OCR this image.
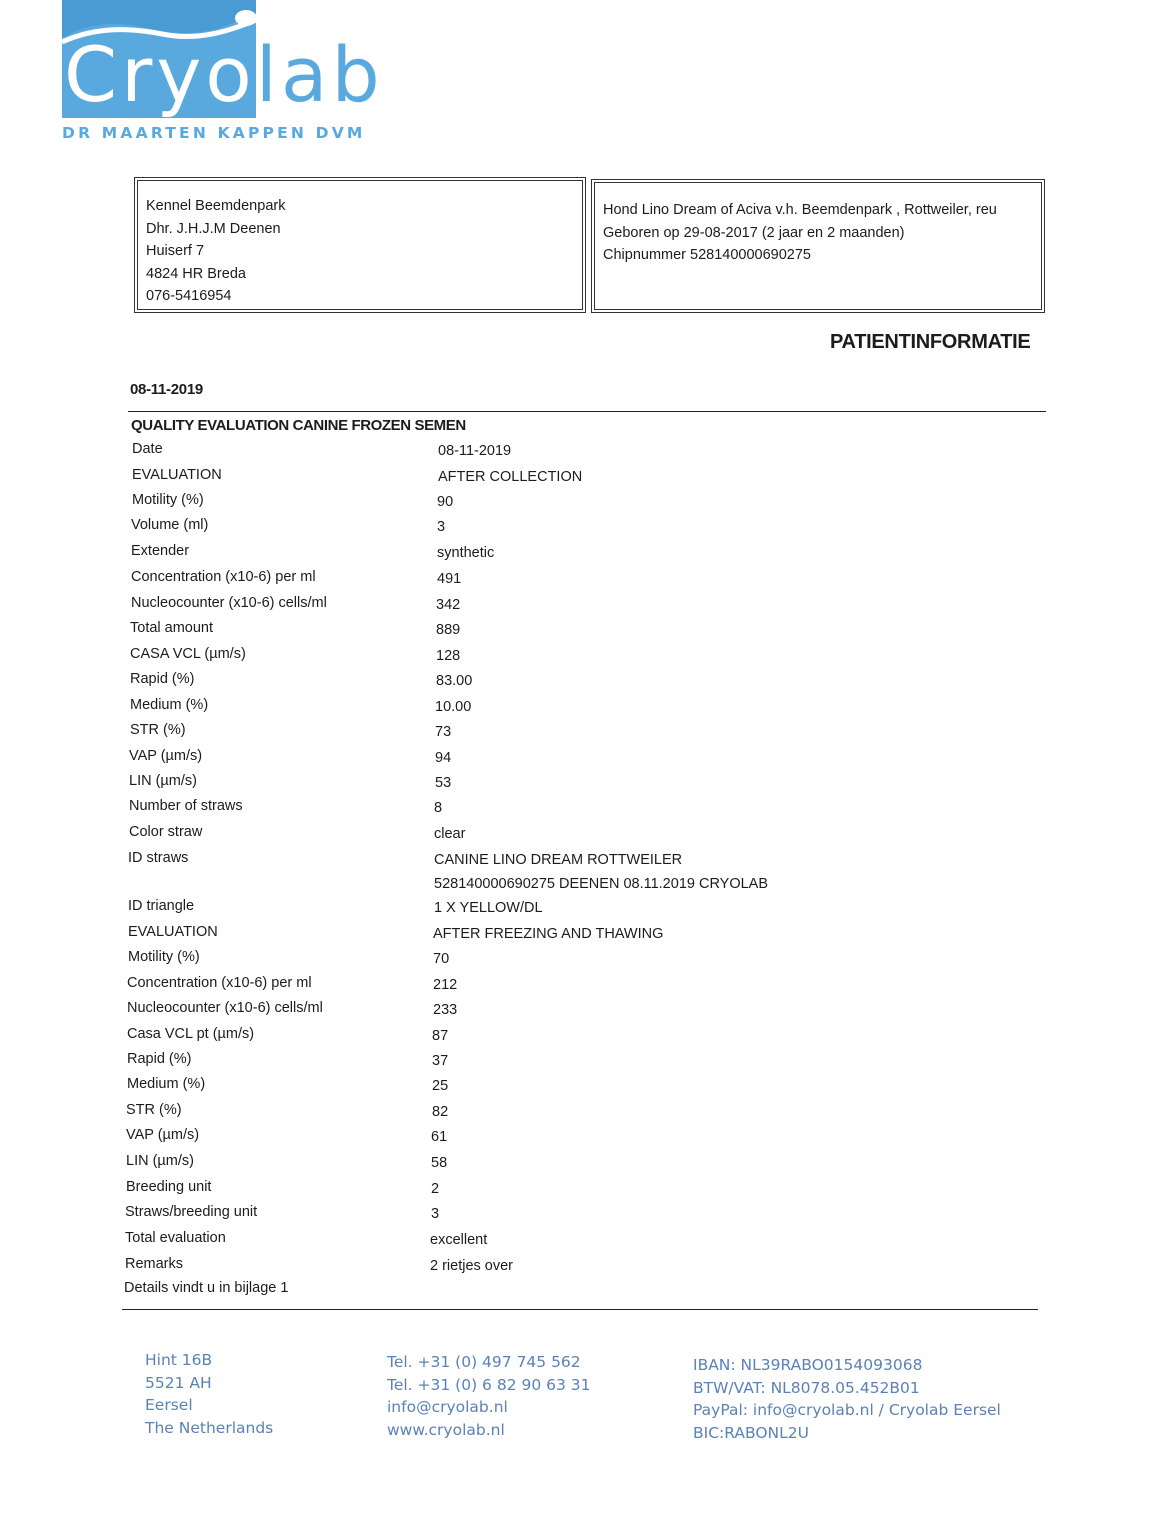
Cryolab
DR MAARTEN KAPPEN DVM
Kennel Beemdenpark
Dhr. J.H.J.M Deenen
Huiserf 7
4824 HR Breda
076-5416954
Hond Lino Dream of Aciva v.h. Beemdenpark , Rottweiler, reu
Geboren op 29-08-2017 (2 jaar en 2 maanden)
Chipnummer 528140000690275
PATIENTINFORMATIE
08-11-2019
QUALITY EVALUATION CANINE FROZEN SEMEN
Date	08-11-2019
EVALUATION	AFTER COLLECTION
Motility (%)	90
Volume (ml)	3
Extender	synthetic
Concentration (x10-6) per ml	491
Nucleocounter (x10-6) cells/ml	342
Total amount	889
CASA VCL (µm/s)	128
Rapid (%)	83.00
Medium (%)	10.00
STR (%)	73
VAP (µm/s)	94
LIN (µm/s)	53
Number of straws	8
Color straw	clear
ID straws	CANINE LINO DREAM ROTTWEILER
528140000690275 DEENEN 08.11.2019 CRYOLAB
ID triangle	1 X YELLOW/DL
EVALUATION	AFTER FREEZING AND THAWING
Motility (%)	70
Concentration (x10-6) per ml	212
Nucleocounter (x10-6) cells/ml	233
Casa VCL pt (µm/s)	87
Rapid (%)	37
Medium (%)	25
STR (%)	82
VAP (µm/s)	61
LIN (µm/s)	58
Breeding unit	2
Straws/breeding unit	3
Total evaluation	excellent
Remarks	2 rietjes over
Details vindt u in bijlage 1
Hint 16B
5521 AH
Eersel
The Netherlands
Tel. +31 (0) 497 745 562
Tel. +31 (0) 6 82 90 63 31
info@cryolab.nl
www.cryolab.nl
IBAN: NL39RABO0154093068
BTW/VAT: NL8078.05.452B01
PayPal: info@cryolab.nl / Cryolab Eersel
BIC:RABONL2U
